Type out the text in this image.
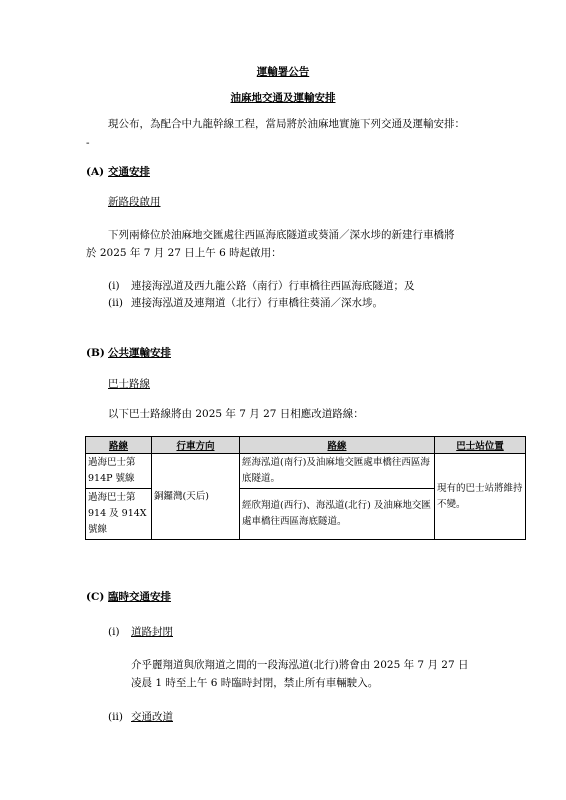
運輸署公告
油麻地交通及運輸安排
現公布，為配合中九龍幹線工程，當局將於油麻地實施下列交通及運輸安排：
-
(A) 交通安排
新路段啟用
下列兩條位於油麻地交匯處往西區海底隧道或葵涌／深水埗的新建行車橋將
於 2025 年 7 月 27 日上午 6 時起啟用：
(i) 連接海泓道及西九龍公路（南行）行車橋往西區海底隧道；及
(ii) 連接海泓道及連翔道（北行）行車橋往葵涌／深水埗。
(B) 公共運輸安排
巴士路線
以下巴士路線將由 2025 年 7 月 27 日相應改道路線：
路線	行車方向	路線	巴士站位置
過海巴士第 914P 號線	銅鑼灣(天后)	經海泓道(南行)及油麻地交匯處車橋往西區海底隧道。	現有的巴士站將維持不變。
過海巴士第 914 及 914X 號線		經欣翔道(西行)、海泓道(北行) 及油麻地交匯處車橋往西區海底隧道。	
(C) 臨時交通安排
(i) 道路封閉
介乎麗翔道與欣翔道之間的一段海泓道(北行)將會由 2025 年 7 月 27 日
凌晨 1 時至上午 6 時臨時封閉，禁止所有車輛駛入。
(ii) 交通改道
